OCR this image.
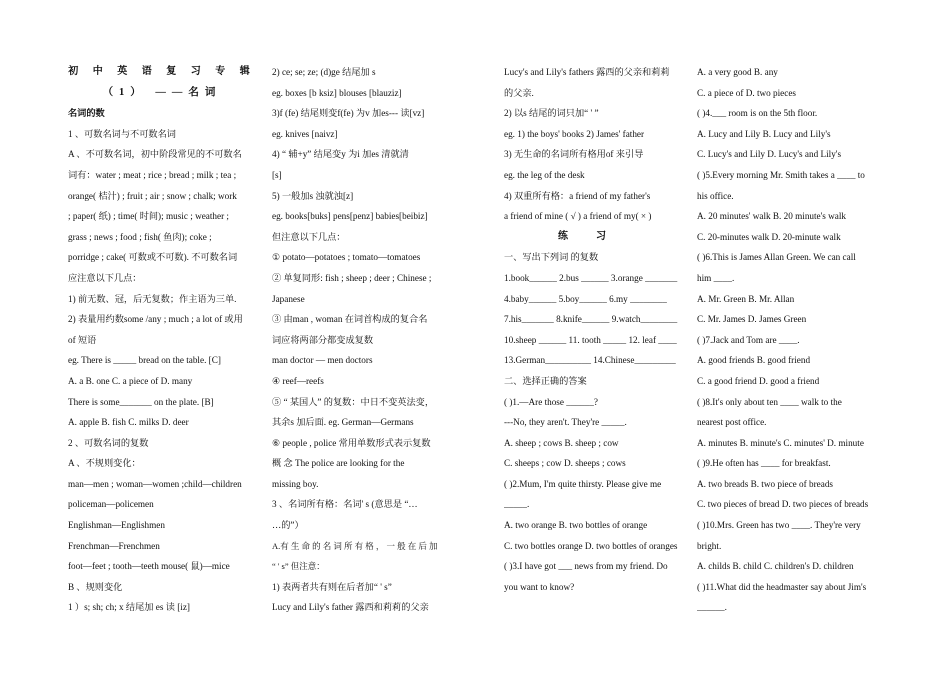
初 中 英 语 复 习 专 辑

（1） ——名词

名词的数

1 、可数名词与不可数名词

A 、不可数名词，初中阶段常见的不可数名

词有：water ; meat ; rice ; bread ; milk ; tea ;

orange( 桔汁) ; fruit ; air ; snow ; chalk; work

; paper( 纸) ; time( 时间); music ; weather ;

grass ; news ; food ; fish( 鱼肉); coke ;

porridge ; cake( 可数或不可数). 不可数名词

应注意以下几点：

1) 前无数、冠，后无复数；作主语为三单.

2) 表量用约数some /any ; much ; a lot of 或用

of 短语

eg. There is _____ bread on the table. [C]

A. a B. one C. a piece of D. many

There is some_______ on the plate. [B]

A. apple B. fish C. milks D. deer

2 、可数名词的复数

A 、不规则变化：

man—men ; woman—women ;child—children

policeman—policemen

Englishman—Englishmen

Frenchman—Frenchmen

foot—feet ; tooth—teeth mouse( 鼠)—mice

B 、规则变化

1 ）s; sh; ch; x 结尾加 es 读 [iz]

2) ce; se; ze; (d)ge 结尾加 s

eg. boxes [b ksiz] blouses [blauziz]

3)f (fe) 结尾则变f(fe) 为v 加es--- 读[vz]

eg. knives [naivz]

4) “ 辅+y” 结尾变y 为i 加es 清就清

[s]

5) 一般加s 浊就浊[z]

eg. books[buks] pens[penz] babies[beibiz]

但注意以下几点：

① potato—potatoes ; tomato—tomatoes

② 单复同形: fish ; sheep ; deer ; Chinese ;

Japanese

③ 由man , woman 在词首构成的复合名

词应将两部分都变成复数

man doctor — men doctors

④ reef—reefs

⑤ “ 某国人” 的复数：中日不变英法变，

其余s 加后面. eg. German—Germans

⑥ people , police 常用单数形式表示复数

概 念 The police are looking for the

missing boy.

3 、名词所有格：名词' s (意思是 “…

…的”）

A.有 生 命 的 名 词 所 有 格 ， 一 般 在 后 加

“ ' s” 但注意：

1) 表两者共有则在后者加“ ' s”

Lucy and Lily's father 露西和莉莉的父亲

Lucy's and Lily's fathers 露西的父亲和莉莉

的父亲.

2) 以s 结尾的词只加“ ' ”

eg. 1) the boys' books 2) James' father

3) 无生命的名词所有格用of 来引导

eg. the leg of the desk

4) 双重所有格：a friend of my father's

a friend of mine ( √ ) a friend of my( × )

练习

一、写出下列词 的复数

1.book______ 2.bus ______ 3.orange _______

4.baby______ 5.boy______ 6.my ________

7.his_______ 8.knife______ 9.watch________

10.sheep ______ 11. tooth _____ 12. leaf ____

13.German__________ 14.Chinese_________

二、选择正确的答案

( )1.—Are those ______?

---No, they aren't. They're _____.

A. sheep ; cows B. sheep ; cow

C. sheeps ; cow D. sheeps ; cows

( )2.Mum, I'm quite thirsty. Please give me

_____.

A. two orange B. two bottles of orange

C. two bottles orange D. two bottles of oranges

( )3.I have got ___ news from my friend. Do

you want to know?

A. a very good B. any

C. a piece of D. two pieces

( )4.___ room is on the 5th floor.

A. Lucy and Lily B. Lucy and Lily's

C. Lucy's and Lily D. Lucy's and Lily's

( )5.Every morning Mr. Smith takes a ____ to

his office.

A. 20 minutes' walk B. 20 minute's walk

C. 20-minutes walk D. 20-minute walk

( )6.This is James Allan Green. We can call

him ____.

A. Mr. Green B. Mr. Allan

C. Mr. James D. James Green

( )7.Jack and Tom are ____.

A. good friends B. good friend

C. a good friend D. good a friend

( )8.It's only about ten ____ walk to the

nearest post office.

A. minutes B. minute's C. minutes' D. minute

( )9.He often has ____ for breakfast.

A. two breads B. two piece of breads

C. two pieces of bread D. two pieces of breads

( )10.Mrs. Green has two ____. They're very

bright.

A. childs B. child C. children's D. children

( )11.What did the headmaster say about Jim's

______.
